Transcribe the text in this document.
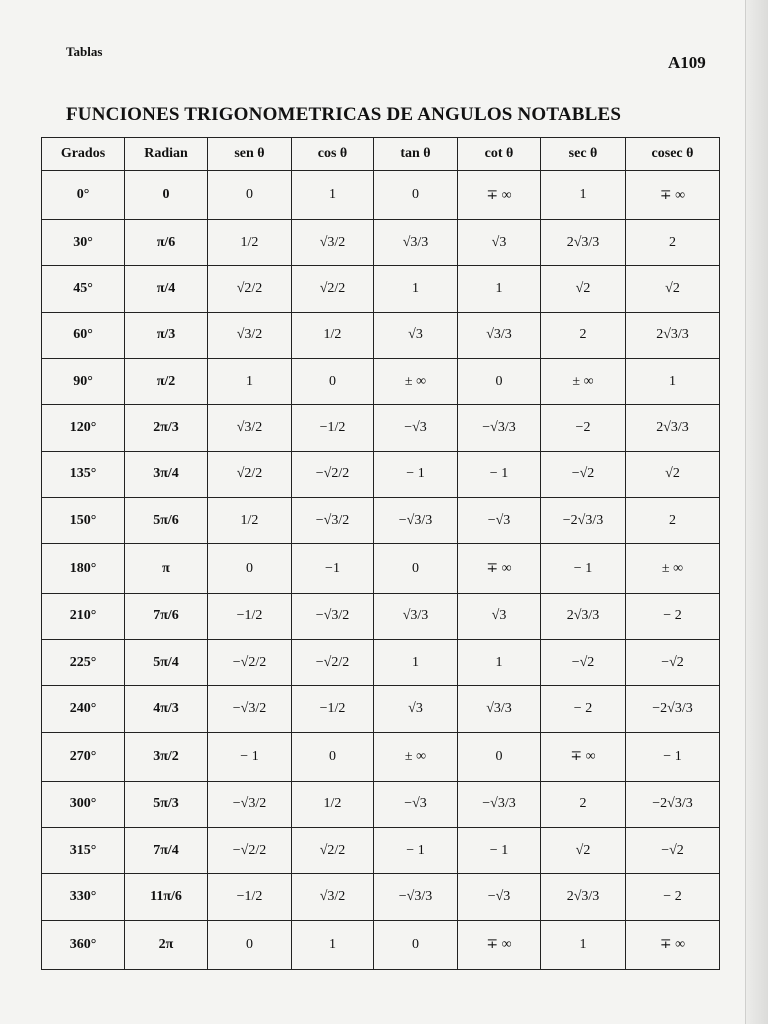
Tablas
A109
FUNCIONES TRIGONOMETRICAS DE ANGULOS NOTABLES
Grados	Radian	sen θ	cos θ	tan θ	cot θ	sec θ	cosec θ
0°	0	0	1	0	∓ ∞	1	∓ ∞
30°	π/6	1/2	√3/2	√3/3	√3	2√3/3	2
45°	π/4	√2/2	√2/2	1	1	√2	√2
60°	π/3	√3/2	1/2	√3	√3/3	2	2√3/3
90°	π/2	1	0	± ∞	0	± ∞	1
120°	2π/3	√3/2	−1/2	−√3	−√3/3	−2	2√3/3
135°	3π/4	√2/2	−√2/2	− 1	− 1	−√2	√2
150°	5π/6	1/2	−√3/2	−√3/3	−√3	−2√3/3	2
180°	π	0	−1	0	∓ ∞	− 1	± ∞
210°	7π/6	−1/2	−√3/2	√3/3	√3	2√3/3	− 2
225°	5π/4	−√2/2	−√2/2	1	1	−√2	−√2
240°	4π/3	−√3/2	−1/2	√3	√3/3	− 2	−2√3/3
270°	3π/2	− 1	0	± ∞	0	∓ ∞	− 1
300°	5π/3	−√3/2	1/2	−√3	−√3/3	2	−2√3/3
315°	7π/4	−√2/2	√2/2	− 1	− 1	√2	−√2
330°	11π/6	−1/2	√3/2	−√3/3	−√3	2√3/3	− 2
360°	2π	0	1	0	∓ ∞	1	∓ ∞
